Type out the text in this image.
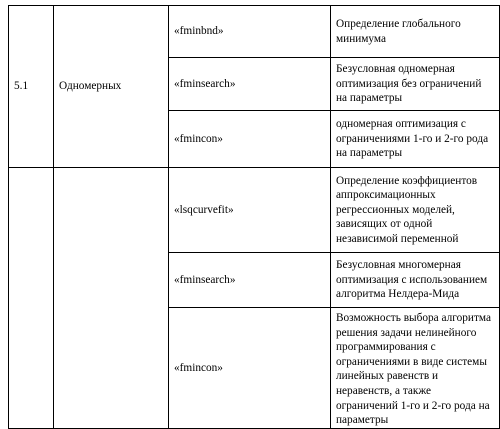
5.1	Одномерных	«fminbnd»	Определение глобального минимума
		«fminsearch»	Безусловная одномерная оптимизация без ограничений на параметры
		«fmincon»	одномерная оптимизация с ограничениями 1-го и 2-го рода на параметры
		«lsqcurvefit»	Определение коэффициентов аппроксимационных регрессионных моделей, зависящих от одной независимой переменной
		«fminsearch»	Безусловная многомерная оптимизация с использованием алгоритма Нелдера-Мида
		«fmincon»	Возможность выбора алгоритма решения задачи нелинейного программирования с ограничениями в виде системы линейных равенств и неравенств, а также ограничений 1-го и 2-го рода на параметры
